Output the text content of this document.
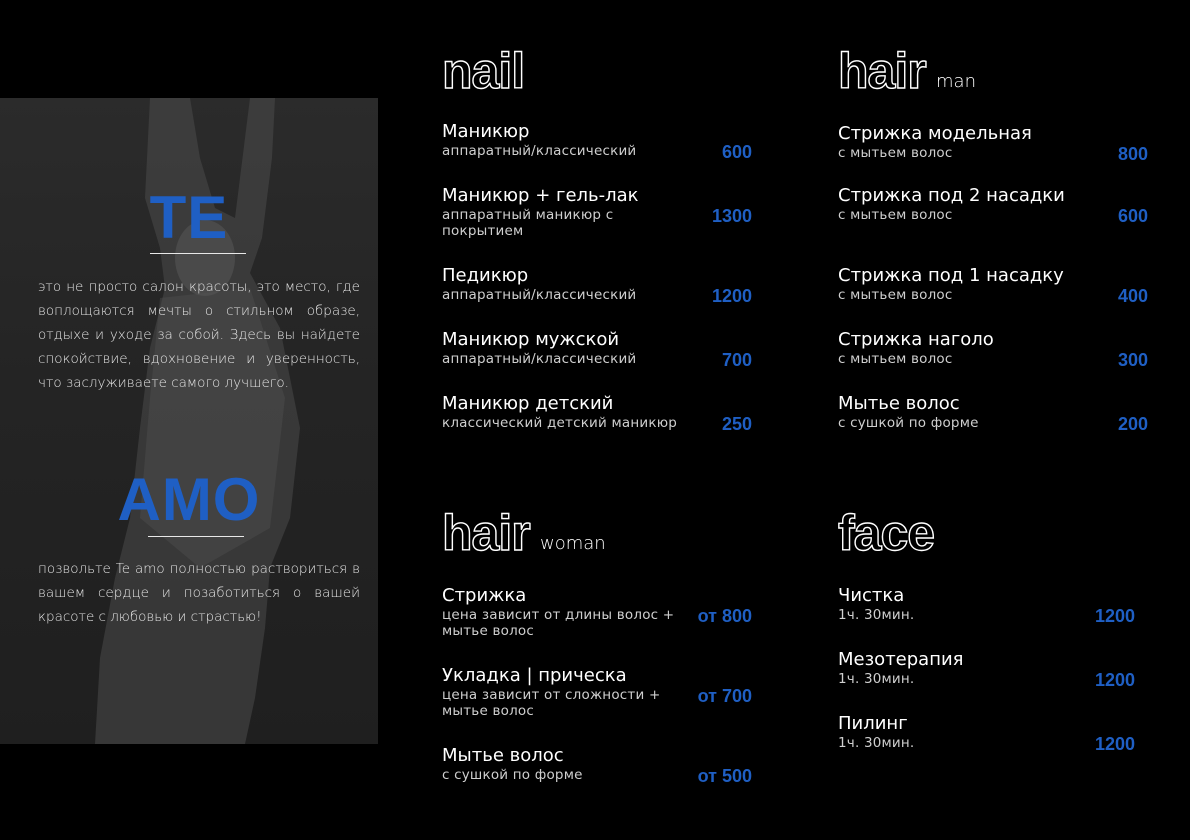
TE
это не просто салон красоты, это место, где воплощаются мечты о стильном образе, отдыхе и уходе за собой. Здесь вы найдете спокойствие, вдохновение и уверенность, что заслуживаете самого лучшего.
AMO
позвольте Te amo полностью раствориться в вашем сердце и позаботиться о вашей красоте с любовью и страстью!
nail
Маникюр
аппаратный/классический	600
Маникюр + гель-лак
аппаратный маникюр с покрытием
1300
Педикюр
аппаратный/классический	1200
Маникюр мужской
аппаратный/классический	700
Маникюр детский
классический детский маникюр	250
hair man
Стрижка модельная
с мытьем волос	800
Стрижка под 2 насадки
с мытьем волос	600
Стрижка под 1 насадку
с мытьем волос	400
Стрижка наголо
с мытьем волос	300
Мытье волос
с сушкой по форме	200
hair woman
Стрижка
цена зависит от длины волос + мытье волос
от 800
Укладка | прическа
цена зависит от сложности + мытье волос
от 700
Мытье волос
с сушкой по форме	от 500
face
Чистка
1ч. 30мин.	1200
Мезотерапия
1ч. 30мин.	1200
Пилинг
1ч. 30мин.	1200
